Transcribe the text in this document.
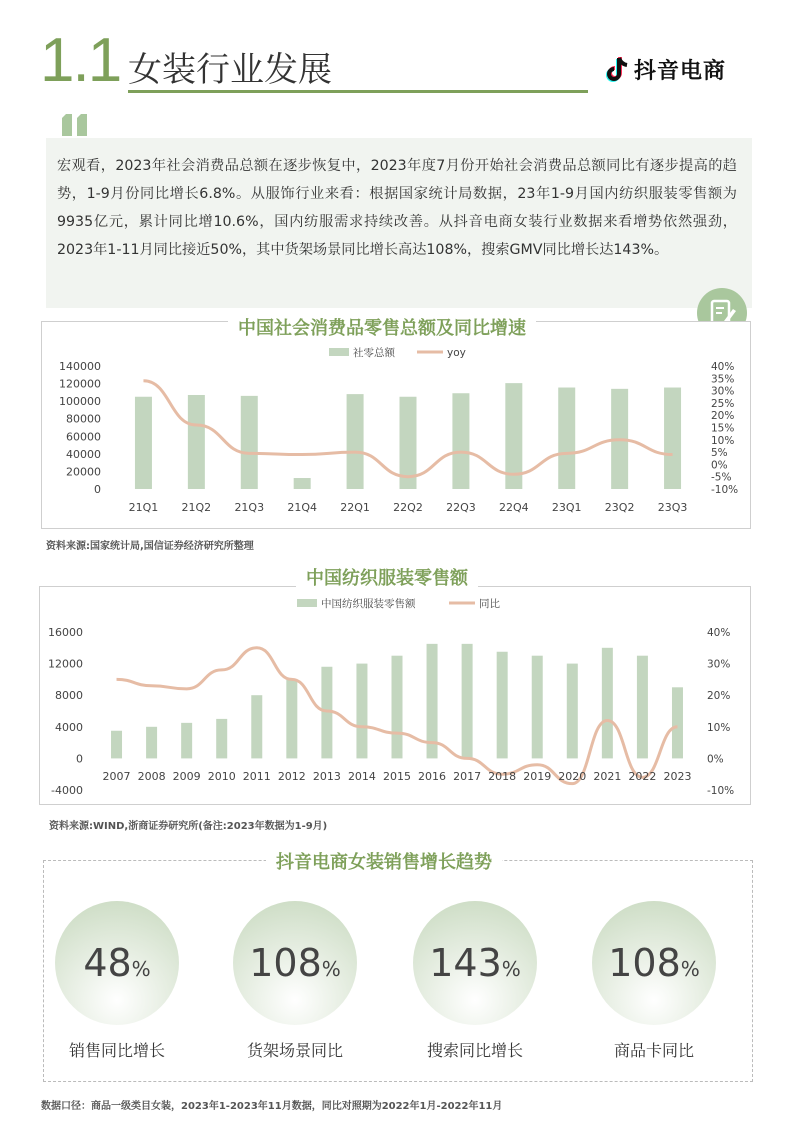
1.1 女装行业发展	抖音电商
宏观看，2023年社会消费品总额在逐步恢复中，2023年度7月份开始社会消费品总额同比有逐步提高的趋势，1-9月份同比增长6.8%。从服饰行业来看：根据国家统计局数据，23年1-9月国内纺织服装零售额为9935亿元，累计同比增10.6%，国内纺服需求持续改善。从抖音电商女装行业数据来看增势依然强劲，2023年1-11月同比接近50%，其中货架场景同比增长高达108%，搜索GMV同比增长达143%。
中国社会消费品零售总额及同比增速
0
20000
40000
60000
80000
100000
120000
140000
-10%
-5%
0%
5%
10%
15%
20%
25%
30%
35%
40%
21Q1 21Q2 21Q3 21Q4 22Q1 22Q2 22Q3 22Q4 23Q1 23Q2 23Q3
社零总额	yoy
资料来源:国家统计局,国信证券经济研究所整理
中国纺织服装零售额
-4000
0
4000
8000
12000
16000
-10%
0%
10%
20%
30%
40%
2007 2008 2009 2010 2011 2012 2013 2014 2015 2016 2017 2018 2019 2020 2021 2022 2023
中国纺织服装零售额	同比
资料来源:WIND,浙商证券研究所(备注:2023年数据为1-9月)
抖音电商女装销售增长趋势
48%
销售同比增长
108%
货架场景同比
143%
搜索同比增长
108%
商品卡同比
数据口径：商品一级类目女装，2023年1-2023年11月数据，同比对照期为2022年1月-2022年11月
